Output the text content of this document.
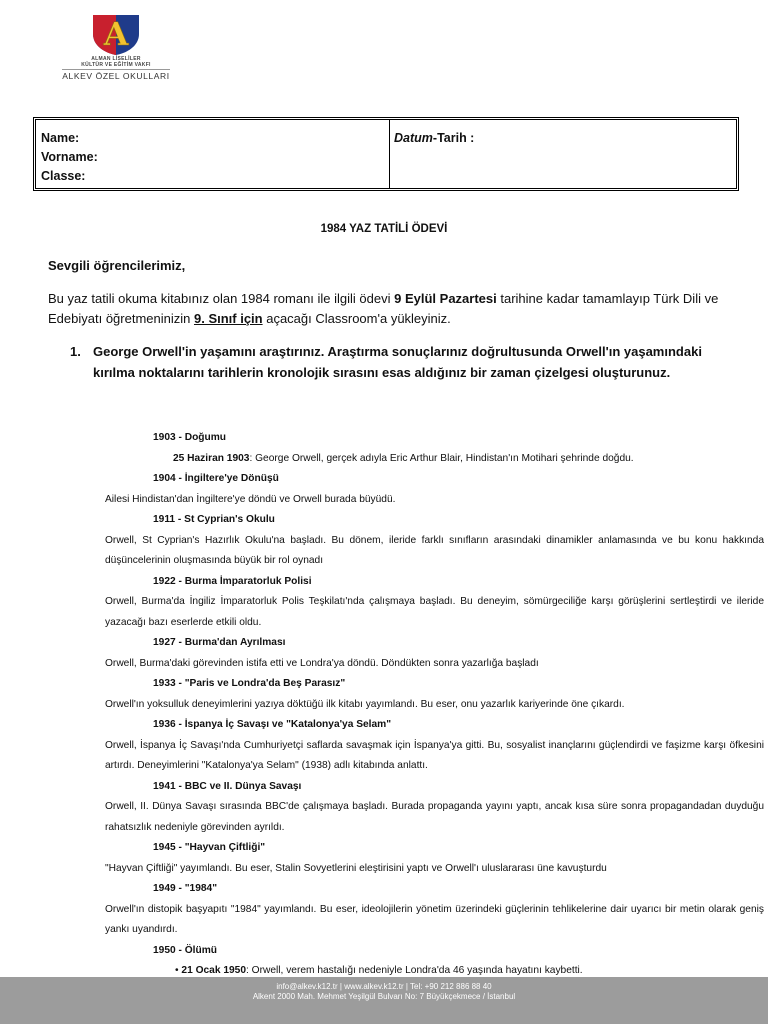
A
ALMAN LİSELİLER
KÜLTÜR VE EĞİTİM VAKFI
ALKEV ÖZEL OKULLARI
Name:
Vorname:
Classe:
Datum-Tarih :
1984 YAZ TATİLİ ÖDEVİ
Sevgili öğrencilerimiz,
Bu yaz tatili okuma kitabınız olan 1984 romanı ile ilgili ödevi 9 Eylül Pazartesi tarihine kadar tamamlayıp Türk Dili ve Edebiyatı öğretmeninizin 9. Sınıf için açacağı Classroom'a yükleyiniz.
1. George Orwell'in yaşamını araştırınız. Araştırma sonuçlarınız doğrultusunda Orwell'ın yaşamındaki kırılma noktalarını tarihlerin kronolojik sırasını esas aldığınız bir zaman çizelgesi oluşturunuz.
1903 - Doğumu
25 Haziran 1903: George Orwell, gerçek adıyla Eric Arthur Blair, Hindistan'ın Motihari şehrinde doğdu.
1904 - İngiltere'ye Dönüşü
Ailesi Hindistan'dan İngiltere'ye döndü ve Orwell burada büyüdü.
1911 - St Cyprian's Okulu
Orwell, St Cyprian's Hazırlık Okulu'na başladı. Bu dönem, ileride farklı sınıfların arasındaki dinamikler anlamasında ve bu konu hakkında düşüncelerinin oluşmasında büyük bir rol oynadı
1922 - Burma İmparatorluk Polisi
Orwell, Burma'da İngiliz İmparatorluk Polis Teşkilatı'nda çalışmaya başladı. Bu deneyim, sömürgeciliğe karşı görüşlerini sertleştirdi ve ileride yazacağı bazı eserlerde etkili oldu.
1927 - Burma'dan Ayrılması
Orwell, Burma'daki görevinden istifa etti ve Londra'ya döndü. Döndükten sonra yazarlığa başladı
1933 - "Paris ve Londra'da Beş Parasız"
Orwell'ın yoksulluk deneyimlerini yazıya döktüğü ilk kitabı yayımlandı. Bu eser, onu yazarlık kariyerinde öne çıkardı.
1936 - İspanya İç Savaşı ve "Katalonya'ya Selam"
Orwell, İspanya İç Savaşı'nda Cumhuriyetçi saflarda savaşmak için İspanya'ya gitti. Bu, sosyalist inançlarını güçlendirdi ve faşizme karşı öfkesini artırdı. Deneyimlerini "Katalonya'ya Selam" (1938) adlı kitabında anlattı.
1941 - BBC ve II. Dünya Savaşı
Orwell, II. Dünya Savaşı sırasında BBC'de çalışmaya başladı. Burada propaganda yayını yaptı, ancak kısa süre sonra propagandadan duyduğu rahatsızlık nedeniyle görevinden ayrıldı.
1945 - "Hayvan Çiftliği"
"Hayvan Çiftliği" yayımlandı. Bu eser, Stalin Sovyetlerini eleştirisini yaptı ve Orwell'ı uluslararası üne kavuşturdu
1949 - "1984"
Orwell'ın distopik başyapıtı "1984" yayımlandı. Bu eser, ideolojilerin yönetim üzerindeki güçlerinin tehlikelerine dair uyarıcı bir metin olarak geniş yankı uyandırdı.
1950 - Ölümü
• 21 Ocak 1950: Orwell, verem hastalığı nedeniyle Londra'da 46 yaşında hayatını kaybetti.
info@alkev.k12.tr | www.alkev.k12.tr | Tel: +90 212 886 88 40
Alkent 2000 Mah. Mehmet Yeşilgül Bulvarı No: 7 Büyükçekmece / İstanbul
